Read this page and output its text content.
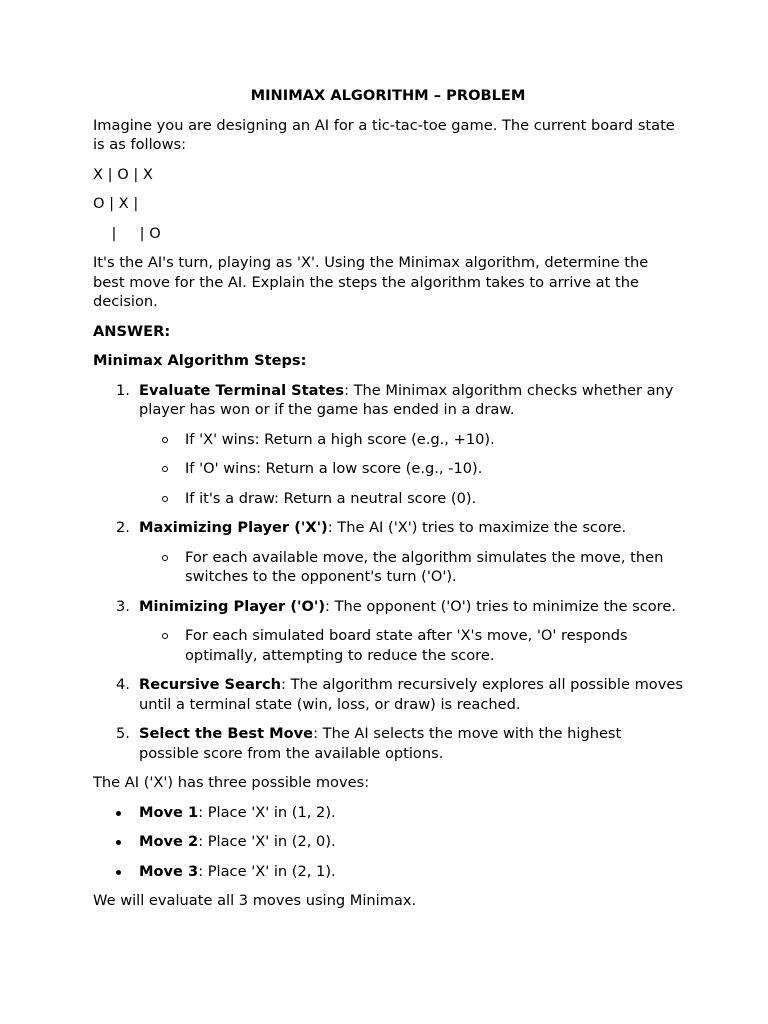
MINIMAX ALGORITHM – PROBLEM

Imagine you are designing an AI for a tic-tac-toe game. The current board state is as follows:

X | O | X
O | X |
|     | O

It's the AI's turn, playing as 'X'. Using the Minimax algorithm, determine the best move for the AI. Explain the steps the algorithm takes to arrive at the decision.

ANSWER:

Minimax Algorithm Steps:

1. Evaluate Terminal States: The Minimax algorithm checks whether any player has won or if the game has ended in a draw.
If 'X' wins: Return a high score (e.g., +10).
If 'O' wins: Return a low score (e.g., -10).
If it's a draw: Return a neutral score (0).
2. Maximizing Player ('X'): The AI ('X') tries to maximize the score.
For each available move, the algorithm simulates the move, then switches to the opponent's turn ('O').
3. Minimizing Player ('O'): The opponent ('O') tries to minimize the score.
For each simulated board state after 'X's move, 'O' responds optimally, attempting to reduce the score.
4. Recursive Search: The algorithm recursively explores all possible moves until a terminal state (win, loss, or draw) is reached.
5. Select the Best Move: The AI selects the move with the highest possible score from the available options.

The AI ('X') has three possible moves:

Move 1: Place 'X' in (1, 2).
Move 2: Place 'X' in (2, 0).
Move 3: Place 'X' in (2, 1).

We will evaluate all 3 moves using Minimax.
